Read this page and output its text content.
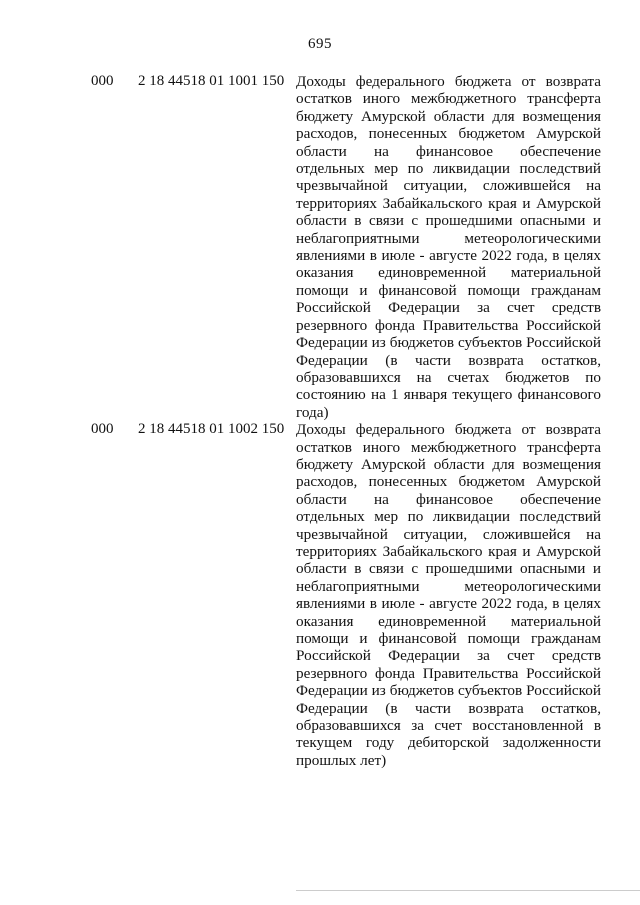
695
000	2 18 44518 01 1001 150 Доходы федерального бюджета от возврата остатков иного межбюджетного трансферта бюджету Амурской области для возмещения расходов, понесенных бюджетом Амурской области на финансовое обеспечение отдельных мер по ликвидации последствий чрезвычайной ситуации, сложившейся на территориях Забайкальского края и Амурской области в связи с прошедшими опасными и неблагоприятными метеорологическими явлениями в июле - августе 2022 года, в целях оказания единовременной материальной помощи и финансовой помощи гражданам Российской Федерации за счет средств резервного фонда Правительства Российской Федерации из бюджетов субъектов Российской Федерации (в части возврата остатков, образовавшихся на счетах бюджетов по состоянию на 1 января текущего финансового года)
000	2 18 44518 01 1002 150 Доходы федерального бюджета от возврата остатков иного межбюджетного трансферта бюджету Амурской области для возмещения расходов, понесенных бюджетом Амурской области на финансовое обеспечение отдельных мер по ликвидации последствий чрезвычайной ситуации, сложившейся на территориях Забайкальского края и Амурской области в связи с прошедшими опасными и неблагоприятными метеорологическими явлениями в июле - августе 2022 года, в целях оказания единовременной материальной помощи и финансовой помощи гражданам Российской Федерации за счет средств резервного фонда Правительства Российской Федерации из бюджетов субъектов Российской Федерации (в части возврата остатков, образовавшихся за счет восстановленной в текущем году дебиторской задолженности прошлых лет)
